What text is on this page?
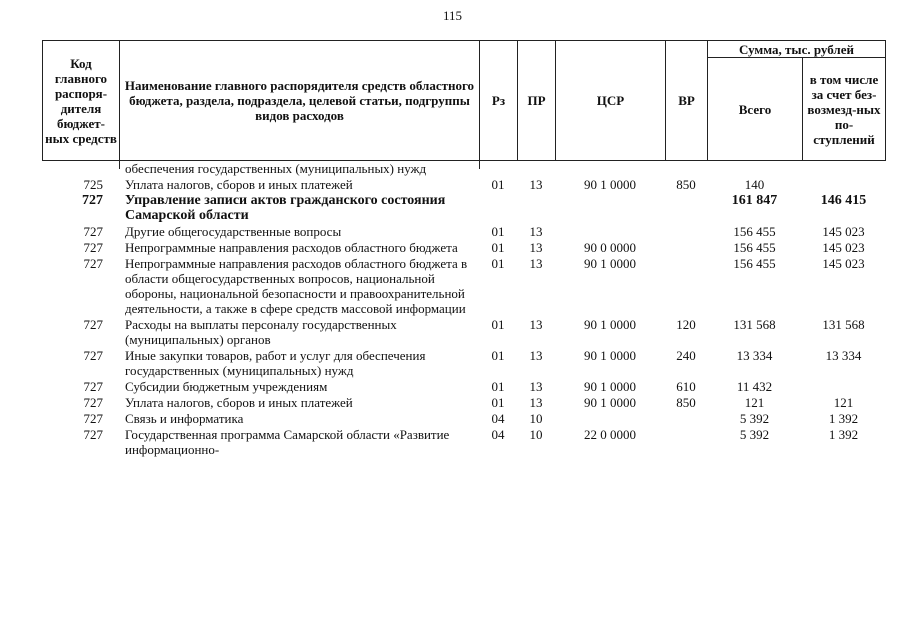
115
Код главного распоря-дителя бюджет-ных средств	Наименование главного распорядителя средств областного бюджета, раздела, подраздела, целевой статьи, подгруппы видов расходов	Рз	ПР	ЦСР	ВР	Сумма, тыс. рублей	
						Всего	в том числе за счет без-возмезд-ных по-ступлений
	обеспечения государственных (муниципальных) нужд						
725	Уплата налогов, сборов и иных платежей	01	13	90 1 0000	850	140	
727	Управление записи актов гражданского состояния Самарской области					161 847	146 415
727	Другие общегосударственные вопросы	01	13			156 455	145 023
727	Непрограммные направления расходов областного бюджета	01	13	90 0 0000		156 455	145 023
727	Непрограммные направления расходов областного бюджета в области общегосударственных вопросов, национальной обороны, национальной безопасности и правоохранительной деятельности, а также в сфере средств массовой информации	01	13	90 1 0000		156 455	145 023
727	Расходы на выплаты персоналу государственных (муниципальных) органов	01	13	90 1 0000	120	131 568	131 568
727	Иные закупки товаров, работ и услуг для обеспечения государственных (муниципальных) нужд	01	13	90 1 0000	240	13 334	13 334
727	Субсидии бюджетным учреждениям	01	13	90 1 0000	610	11 432	
727	Уплата налогов, сборов и иных платежей	01	13	90 1 0000	850	121	121
727	Связь и информатика	04	10			5 392	1 392
727	Государственная программа Самарской области «Развитие информационно-	04	10	22 0 0000		5 392	1 392
